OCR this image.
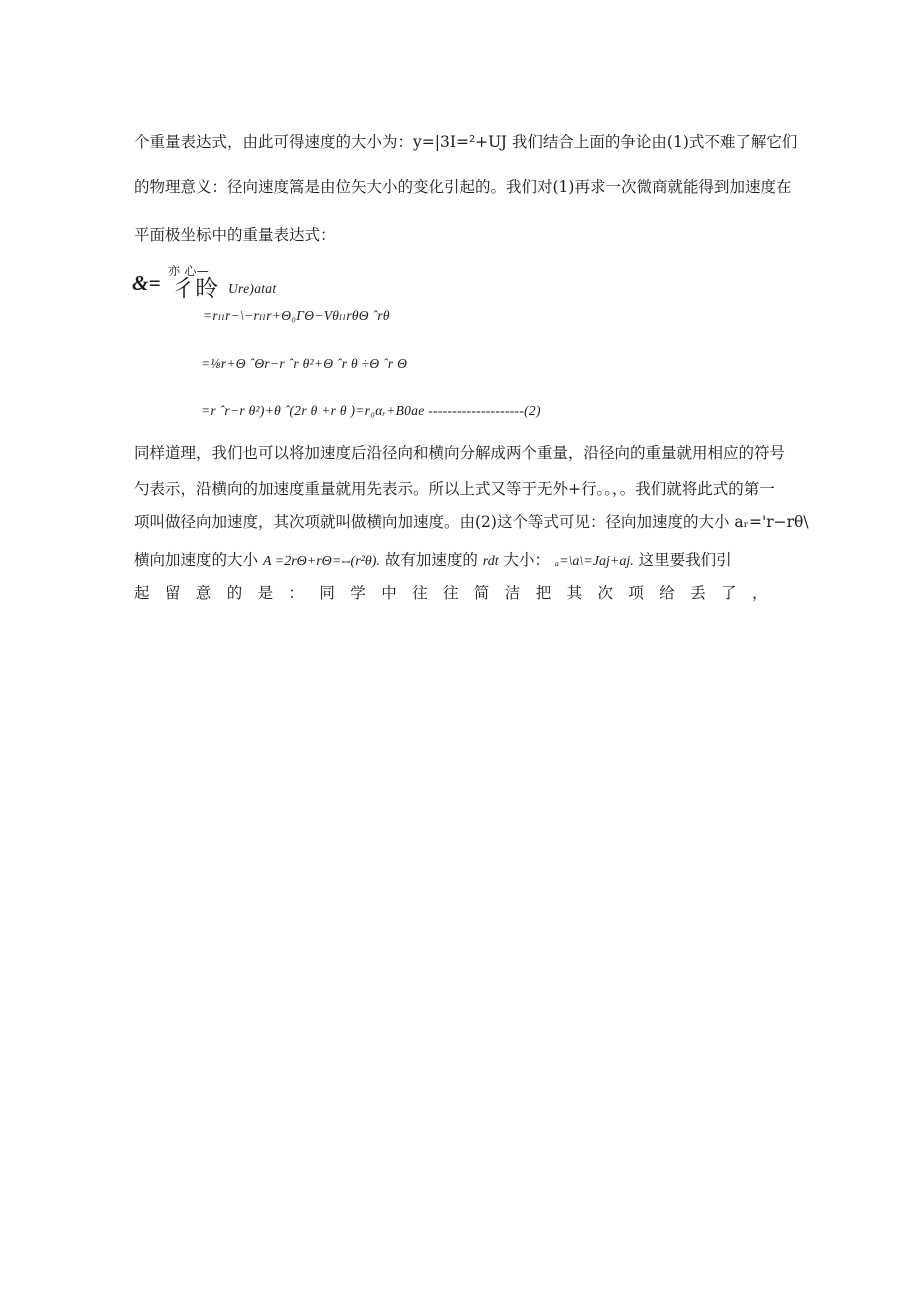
个重量表达式，由此可得速度的大小为：y=|3I=²+UJ 我们结合上面的争论由(1)式不难了解它们
的物理意义：径向速度篙是由位矢大小的变化引起的。我们对(1)再求一次微商就能得到加速度在
平面极坐标中的重量表达式：
&= 亦 心—
彳昤 Ure)atat
=rₗₗr−\−rₗₗr+Θ₀ΓΘ−VθₗₗrθΘ ˆrθ
=⅛r+Θ ˆΘr−r ˆr θ²+Θ ˆr θ ÷Θ ˆr Θ
=r ˆr−r θ²)+θ ˆ(2r θ +r θ )=r₀αᵣ+B0ae --------------------(2)
同样道理，我们也可以将加速度后沿径向和横向分解成两个重量，沿径向的重量就用相应的符号
勺表示，沿横向的加速度重量就用先表示。所以上式又等于无外+行。。，。我们就将此式的第一
项叫做径向加速度，其次项就叫做横向加速度。由(2)这个等式可见：径向加速度的大小 aᵣ='r−rθ\
横向加速度的大小 A =2rΘ+rΘ=--(r²θ). 故有加速度的 rdt 大小： ₐ=\a\=Jaj+aj. 这里要我们引
起留意的是：同学中往往简洁把其次项给丢了，
